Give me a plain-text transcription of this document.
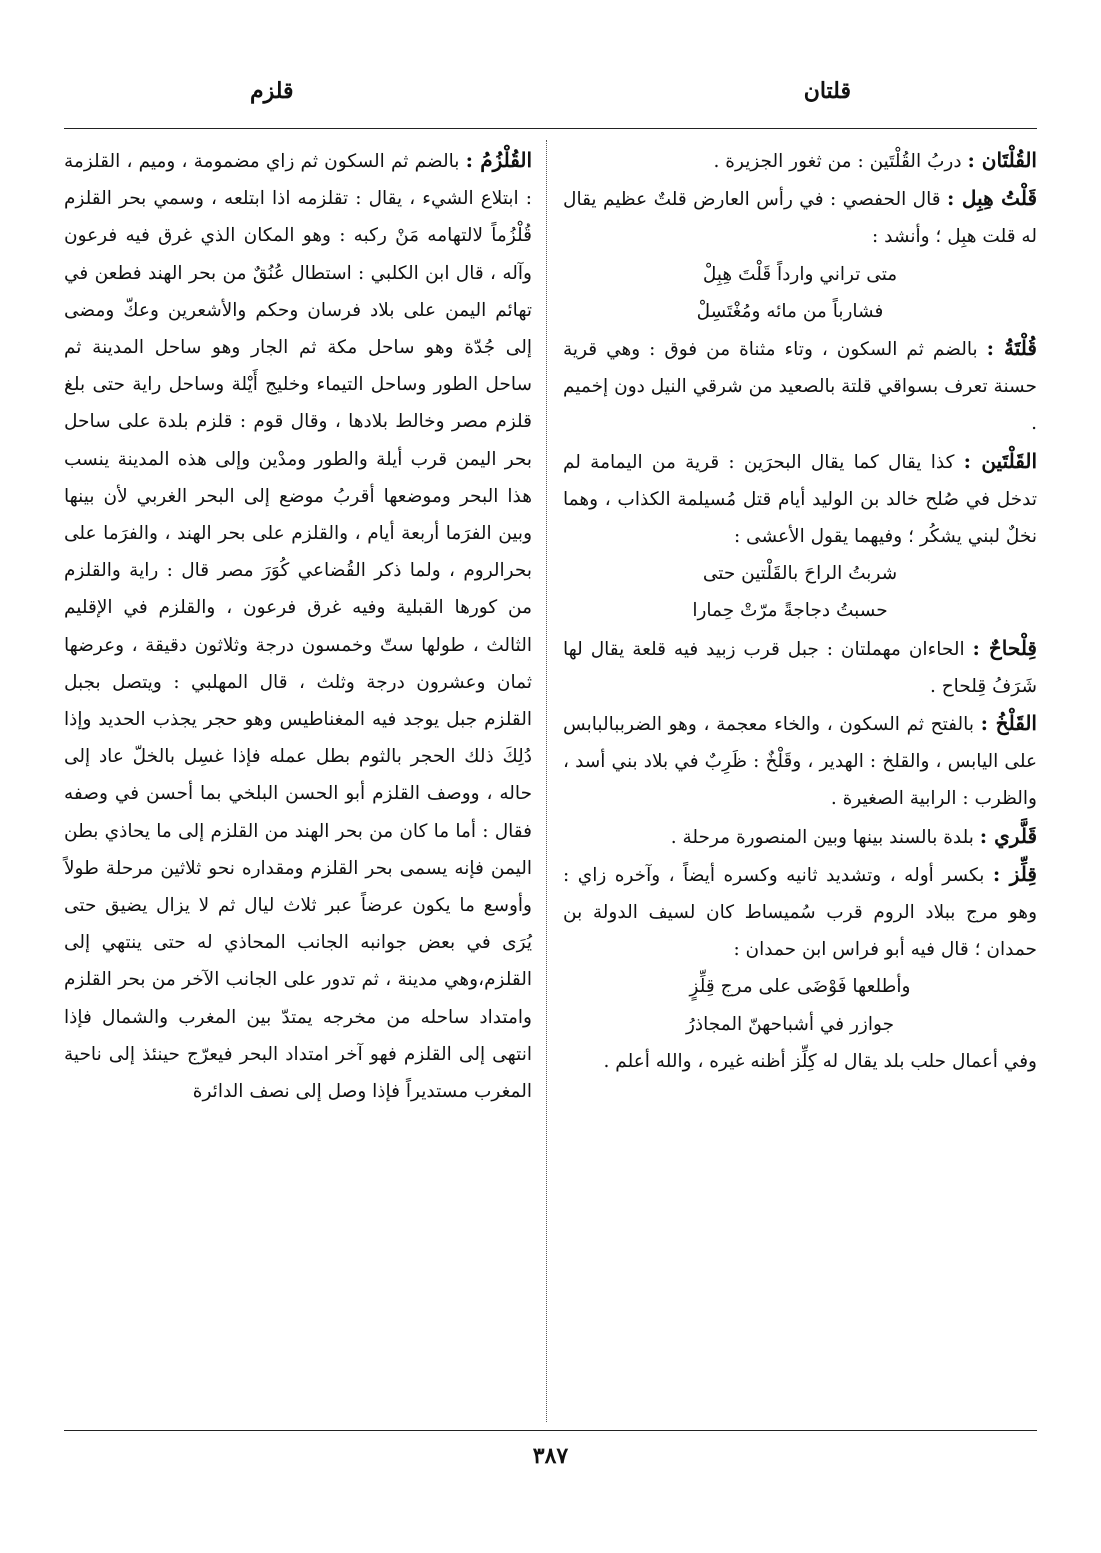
قلتان
قلزم

القُلْتَان : دربُ القُلْتَين : من ثغور الجزيرة .

قَلْتُ هِبِل : قال الحفصي : في رأس العارض قلتٌ عظيم يقال له قلت هبِل ؛ وأنشد :

متى تراني وارداً قَلْتَ هِبِلْ

فشارباً من مائه ومُغْتَسِلْ

قُلْتَةُ : بالضم ثم السكون ، وتاء مثناة من فوق : وهي قرية حسنة تعرف بسواقي قلتة بالصعيد من شرقي النيل دون إخميم .

القَلْتَين : كذا يقال كما يقال البحرَين : قرية من اليمامة لم تدخل في صُلح خالد بن الوليد أيام قتل مُسيلمة الكذاب ، وهما نخلٌ لبني يشكُر ؛ وفيهما يقول الأعشى :

شربتُ الراحَ بالقَلْتين حتى

حسبتُ دجاجةً مرّتْ حِمارا

قِلْحاحٌ : الحاءان مهملتان : جبل قرب زبيد فيه قلعة يقال لها شَرَفُ قِلحاح .

القَلْخُ : بالفتح ثم السكون ، والخاء معجمة ، وهو الضرببالبابس على اليابس ، والقلخ : الهدير ، وقَلْخٌ : ظَرِبٌ في بلاد بني أسد ، والظرب : الرابية الصغيرة .

قَلَّري : بلدة بالسند بينها وبين المنصورة مرحلة .

قِلِّز : بكسر أوله ، وتشديد ثانيه وكسره أيضاً ، وآخره زاي : وهو مرج ببلاد الروم قرب سُميساط كان لسيف الدولة بن حمدان ؛ قال فيه أبو فراس ابن حمدان :

وأطلعها فَوْضَى على مرج قِلِّزٍ

جوازر في أشباحهنّ المجاذرُ

وفي أعمال حلب بلد يقال له كِلِّز أظنه غيره ، والله أعلم .

القُلْزُمُ : بالضم ثم السكون ثم زاي مضمومة ، وميم ، القلزمة : ابتلاع الشيء ، يقال : تقلزمه اذا ابتلعه ، وسمي بحر القلزم قُلْزُماً لالتهامه مَنْ ركبه : وهو المكان الذي غرق فيه فرعون وآله ، قال ابن الكلبي : استطال عُنُقٌ من بحر الهند فطعن في تهائم اليمن على بلاد فرسان وحكم والأشعرين وعكّ ومضى إلى جُدّة وهو ساحل مكة ثم الجار وهو ساحل المدينة ثم ساحل الطور وساحل التيماء وخليج أَيْلة وساحل راية حتى بلغ قلزم مصر وخالط بلادها ، وقال قوم : قلزم بلدة على ساحل بحر اليمن قرب أيلة والطور ومدْين وإلى هذه المدينة ينسب هذا البحر وموضعها أقربُ موضع إلى البحر الغربي لأن بينها وبين الفرَما أربعة أيام ، والقلزم على بحر الهند ، والفرَما على بحرالروم ، ولما ذكر القُضاعي كُوَرَ مصر قال : راية والقلزم من كورها القبلية وفيه غرق فرعون ، والقلزم في الإقليم الثالث ، طولها ستّ وخمسون درجة وثلاثون دقيقة ، وعرضها ثمان وعشرون درجة وثلث ، قال المهلبي : ويتصل بجبل القلزم جبل يوجد فيه المغناطيس وهو حجر يجذب الحديد وإذا دُلِكَ ذلك الحجر بالثوم بطل عمله فإذا غسِل بالخلّ عاد إلى حاله ، ووصف القلزم أبو الحسن البلخي بما أحسن في وصفه فقال : أما ما كان من بحر الهند من القلزم إلى ما يحاذي بطن اليمن فإنه يسمى بحر القلزم ومقداره نحو ثلاثين مرحلة طولاً وأوسع ما يكون عرضاً عبر ثلاث ليال ثم لا يزال يضيق حتى يُرَى في بعض جوانبه الجانب المحاذي له حتى ينتهي إلى القلزم،وهي مدينة ، ثم تدور على الجانب الآخر من بحر القلزم وامتداد ساحله من مخرجه يمتدّ بين المغرب والشمال فإذا انتهى إلى القلزم فهو آخر امتداد البحر فيعرّج حينئذ إلى ناحية المغرب مستديراً فإذا وصل إلى نصف الدائرة

٣٨٧
